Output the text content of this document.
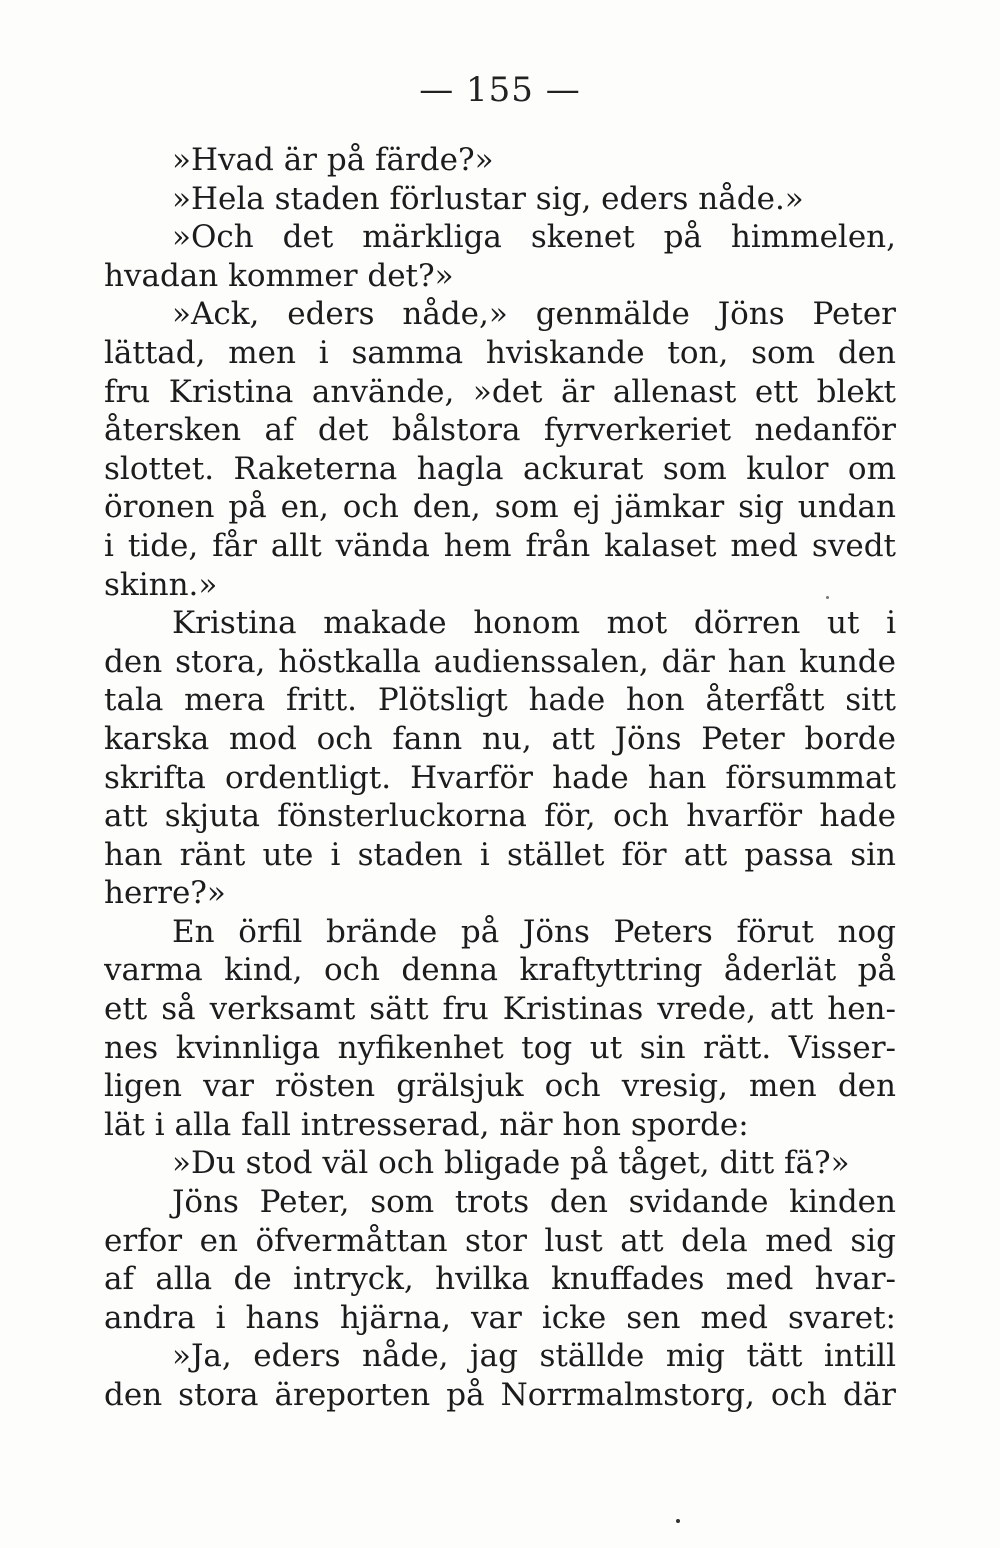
— 155 —
»Hvad är på färde?»
»Hela staden förlustar sig, eders nåde.»
»Och det märkliga skenet på himmelen,
hvadan kommer det?»
»Ack, eders nåde,» genmälde Jöns Peter
lättad, men i samma hviskande ton, som den
fru Kristina använde, »det är allenast ett blekt
återsken af det bålstora fyrverkeriet nedanför
slottet. Raketerna hagla ackurat som kulor om
öronen på en, och den, som ej jämkar sig undan
i tide, får allt vända hem från kalaset med svedt
skinn.»
Kristina makade honom mot dörren ut i
den stora, höstkalla audienssalen, där han kunde
tala mera fritt. Plötsligt hade hon återfått sitt
karska mod och fann nu, att Jöns Peter borde
skrifta ordentligt. Hvarför hade han försummat
att skjuta fönsterluckorna för, och hvarför hade
han ränt ute i staden i stället för att passa sin
herre?»
En örfil brände på Jöns Peters förut nog
varma kind, och denna kraftyttring åderlät på
ett så verksamt sätt fru Kristinas vrede, att hen-
nes kvinnliga nyfikenhet tog ut sin rätt. Visser-
ligen var rösten grälsjuk och vresig, men den
lät i alla fall intresserad, när hon sporde:
»Du stod väl och bligade på tåget, ditt fä?»
Jöns Peter, som trots den svidande kinden
erfor en öfvermåttan stor lust att dela med sig
af alla de intryck, hvilka knuffades med hvar-
andra i hans hjärna, var icke sen med svaret:
»Ja, eders nåde, jag ställde mig tätt intill
den stora äreporten på Norrmalmstorg, och där
